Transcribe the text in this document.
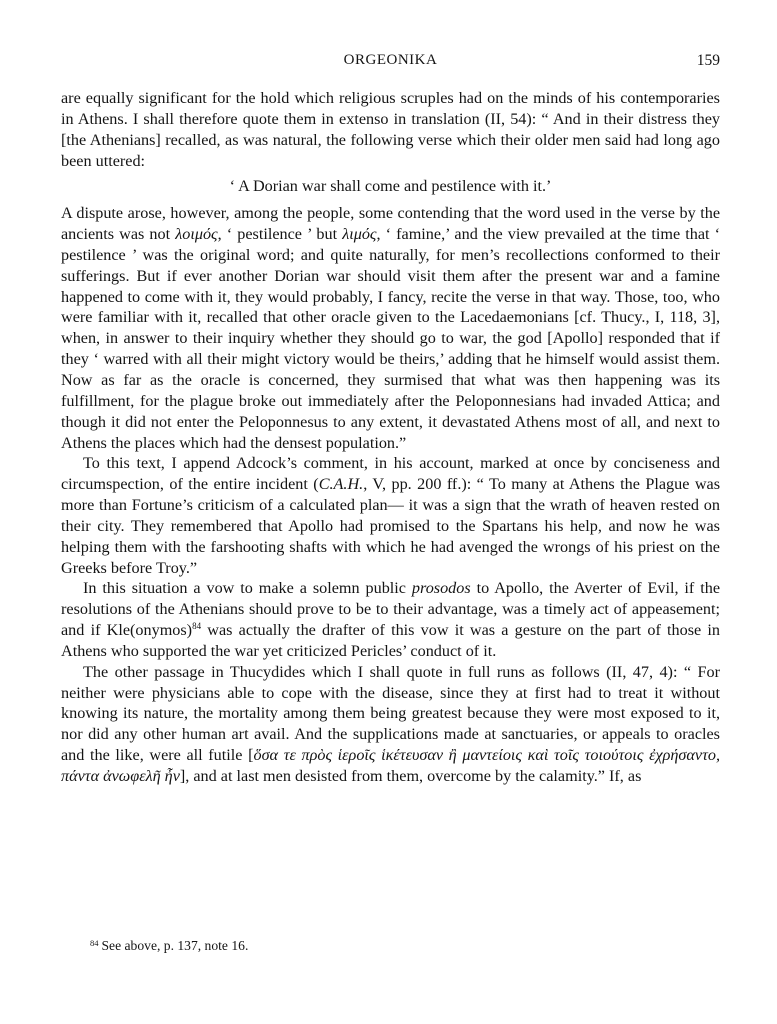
ORGEONIKA	159

are equally significant for the hold which religious scruples had on the minds of his contemporaries in Athens. I shall therefore quote them in extenso in translation (II, 54): “ And in their distress they [the Athenians] recalled, as was natural, the following verse which their older men said had long ago been uttered:

‘ A Dorian war shall come and pestilence with it.’

A dispute arose, however, among the people, some contending that the word used in the verse by the ancients was not λοιμός, ‘ pestilence ’ but λιμός, ‘ famine,’ and the view prevailed at the time that ‘ pestilence ’ was the original word; and quite naturally, for men’s recollections conformed to their sufferings. But if ever another Dorian war should visit them after the present war and a famine happened to come with it, they would probably, I fancy, recite the verse in that way. Those, too, who were familiar with it, recalled that other oracle given to the Lacedaemonians [cf. Thucy., I, 118, 3], when, in answer to their inquiry whether they should go to war, the god [Apollo] responded that if they ‘ warred with all their might victory would be theirs,’ adding that he himself would assist them. Now as far as the oracle is concerned, they surmised that what was then happening was its fulfillment, for the plague broke out immediately after the Peloponnesians had invaded Attica; and though it did not enter the Peloponnesus to any extent, it devastated Athens most of all, and next to Athens the places which had the densest population.”

To this text, I append Adcock’s comment, in his account, marked at once by conciseness and circumspection, of the entire incident (C.A.H., V, pp. 200 ff.): “ To many at Athens the Plague was more than Fortune’s criticism of a calculated plan— it was a sign that the wrath of heaven rested on their city. They remembered that Apollo had promised to the Spartans his help, and now he was helping them with the farshooting shafts with which he had avenged the wrongs of his priest on the Greeks before Troy.”

In this situation a vow to make a solemn public prosodos to Apollo, the Averter of Evil, if the resolutions of the Athenians should prove to be to their advantage, was a timely act of appeasement; and if Kle(onymos)$^{84}$ was actually the drafter of this vow it was a gesture on the part of those in Athens who supported the war yet criticized Pericles’ conduct of it.

The other passage in Thucydides which I shall quote in full runs as follows (II, 47, 4): “ For neither were physicians able to cope with the disease, since they at first had to treat it without knowing its nature, the mortality among them being greatest because they were most exposed to it, nor did any other human art avail. And the supplications made at sanctuaries, or appeals to oracles and the like, were all futile [ὅσα τε πρὸς ἱεροῖς ἱκέτευσαν ἢ μαντείοις καὶ τοῖς τοιούτοις ἐχρήσαντο, πάντα ἀνωφελῆ ἦν], and at last men desisted from them, overcome by the calamity.” If, as

$^{84}$ See above, p. 137, note 16.
